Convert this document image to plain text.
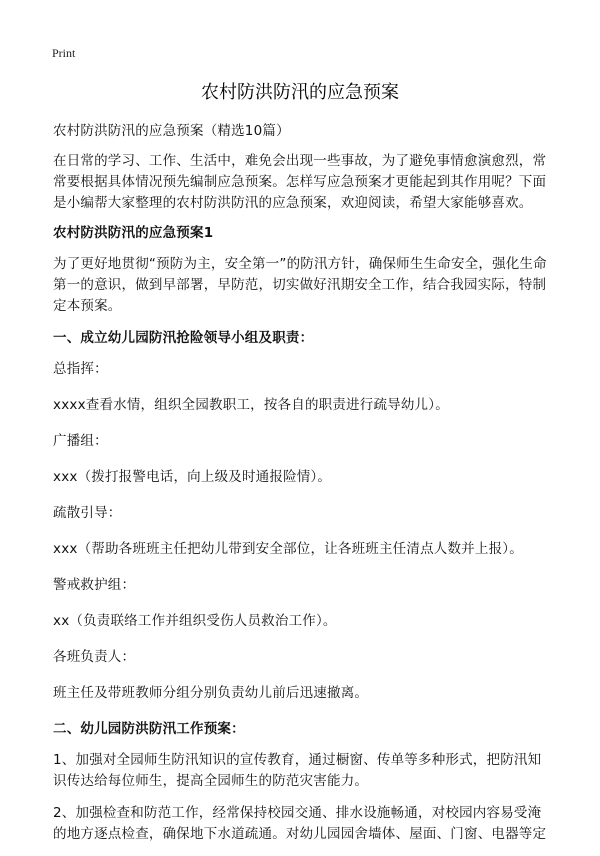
Print
农村防洪防汛的应急预案

农村防洪防汛的应急预案（精选10篇）

在日常的学习、工作、生活中，难免会出现一些事故，为了避免事情愈演愈烈，常常要根据具体情况预先编制应急预案。怎样写应急预案才更能起到其作用呢？下面是小编帮大家整理的农村防洪防汛的应急预案，欢迎阅读，希望大家能够喜欢。

农村防洪防汛的应急预案1

为了更好地贯彻“预防为主，安全第一”的防汛方针，确保师生生命安全，强化生命第一的意识，做到早部署，早防范，切实做好汛期安全工作，结合我园实际，特制定本预案。

一、成立幼儿园防汛抢险领导小组及职责：

总指挥：

xxxx查看水情，组织全园教职工，按各自的职责进行疏导幼儿）。

广播组：

xxx（拨打报警电话，向上级及时通报险情）。

疏散引导：

xxx（帮助各班班主任把幼儿带到安全部位，让各班班主任清点人数并上报）。

警戒救护组：

xx（负责联络工作并组织受伤人员救治工作）。

各班负责人：

班主任及带班教师分组分别负责幼儿前后迅速撤离。

二、幼儿园防洪防汛工作预案：

1、加强对全园师生防汛知识的宣传教育，通过橱窗、传单等多种形式，把防汛知识传达给每位师生，提高全园师生的防范灾害能力。

2、加强检查和防范工作，经常保持校园交通、排水设施畅通，对校园内容易受淹的地方逐点检查，确保地下水道疏通。对幼儿园园舍墙体、屋面、门窗、电器等定
